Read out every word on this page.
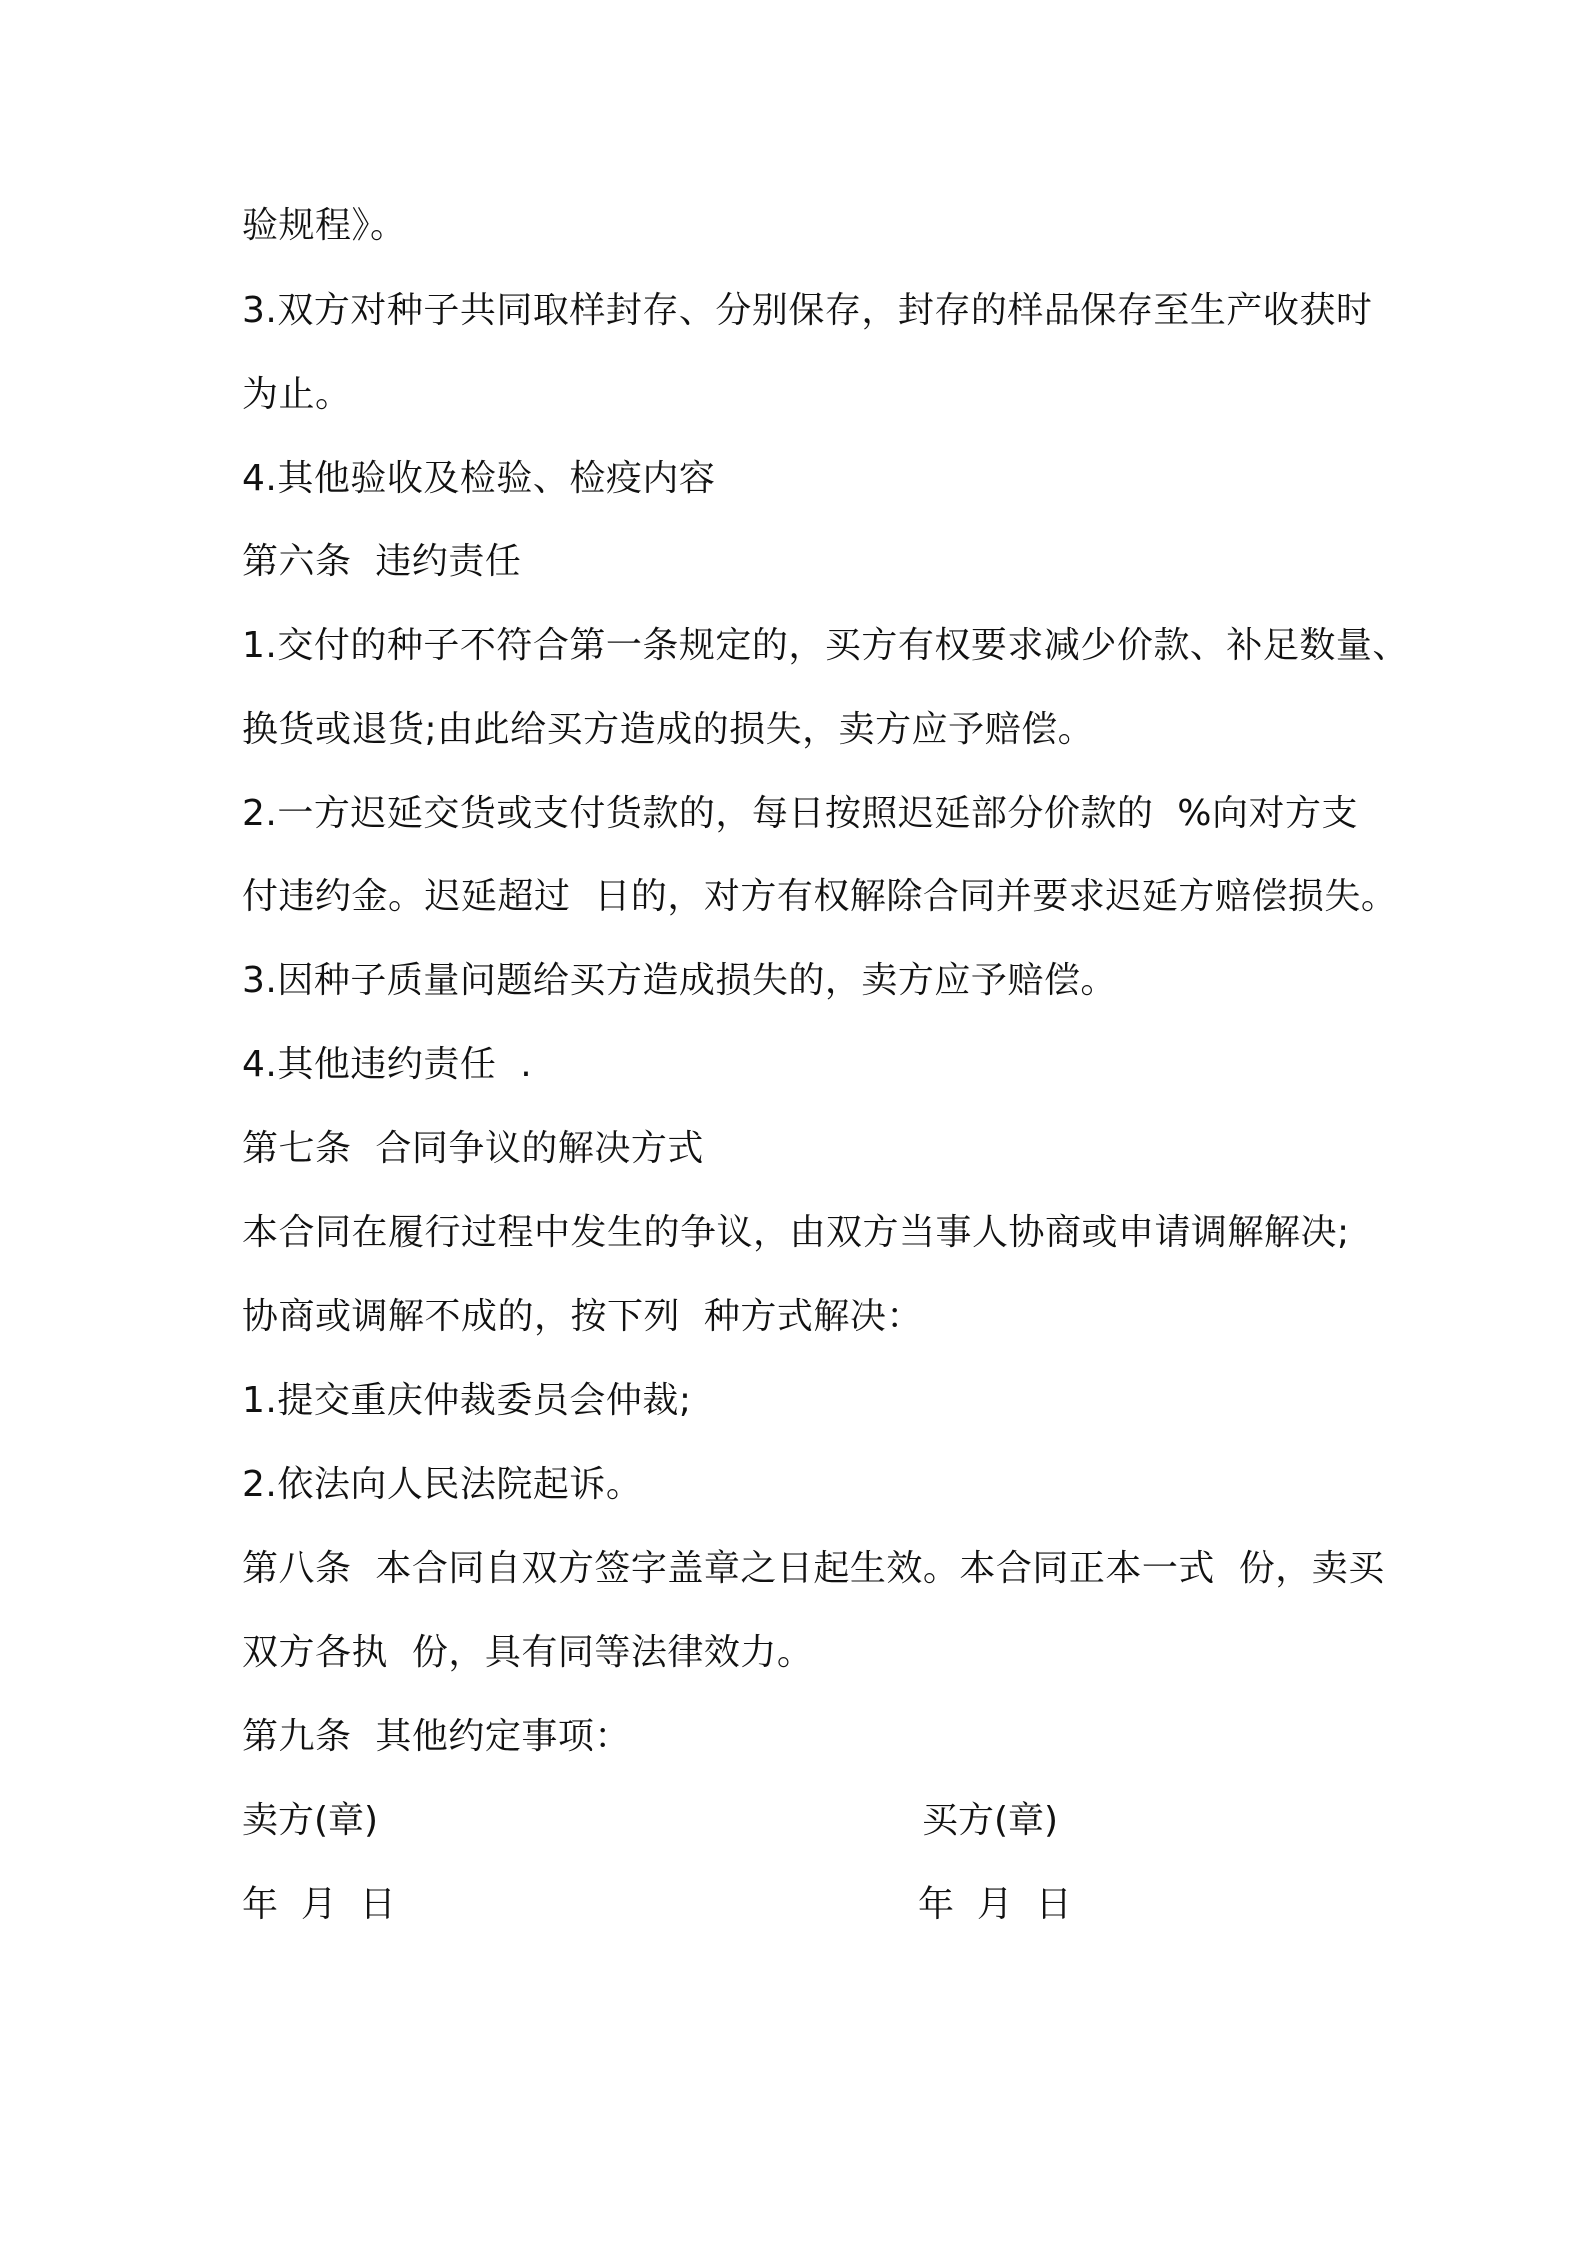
验规程》。
3.双方对种子共同取样封存、分别保存，封存的样品保存至生产收获时
为止。
4.其他验收及检验、检疫内容
第六条  违约责任
1.交付的种子不符合第一条规定的，买方有权要求减少价款、补足数量、
换货或退货;由此给买方造成的损失，卖方应予赔偿。
2.一方迟延交货或支付货款的，每日按照迟延部分价款的  %向对方支
付违约金。迟延超过  日的，对方有权解除合同并要求迟延方赔偿损失。
3.因种子质量问题给买方造成损失的，卖方应予赔偿。
4.其他违约责任  .
第七条  合同争议的解决方式
本合同在履行过程中发生的争议，由双方当事人协商或申请调解解决;
协商或调解不成的，按下列  种方式解决：
1.提交重庆仲裁委员会仲裁;
2.依法向人民法院起诉。
第八条  本合同自双方签字盖章之日起生效。本合同正本一式  份，卖买
双方各执  份，具有同等法律效力。
第九条  其他约定事项：
卖方(章)	买方(章)
年  月  日	年  月  日
